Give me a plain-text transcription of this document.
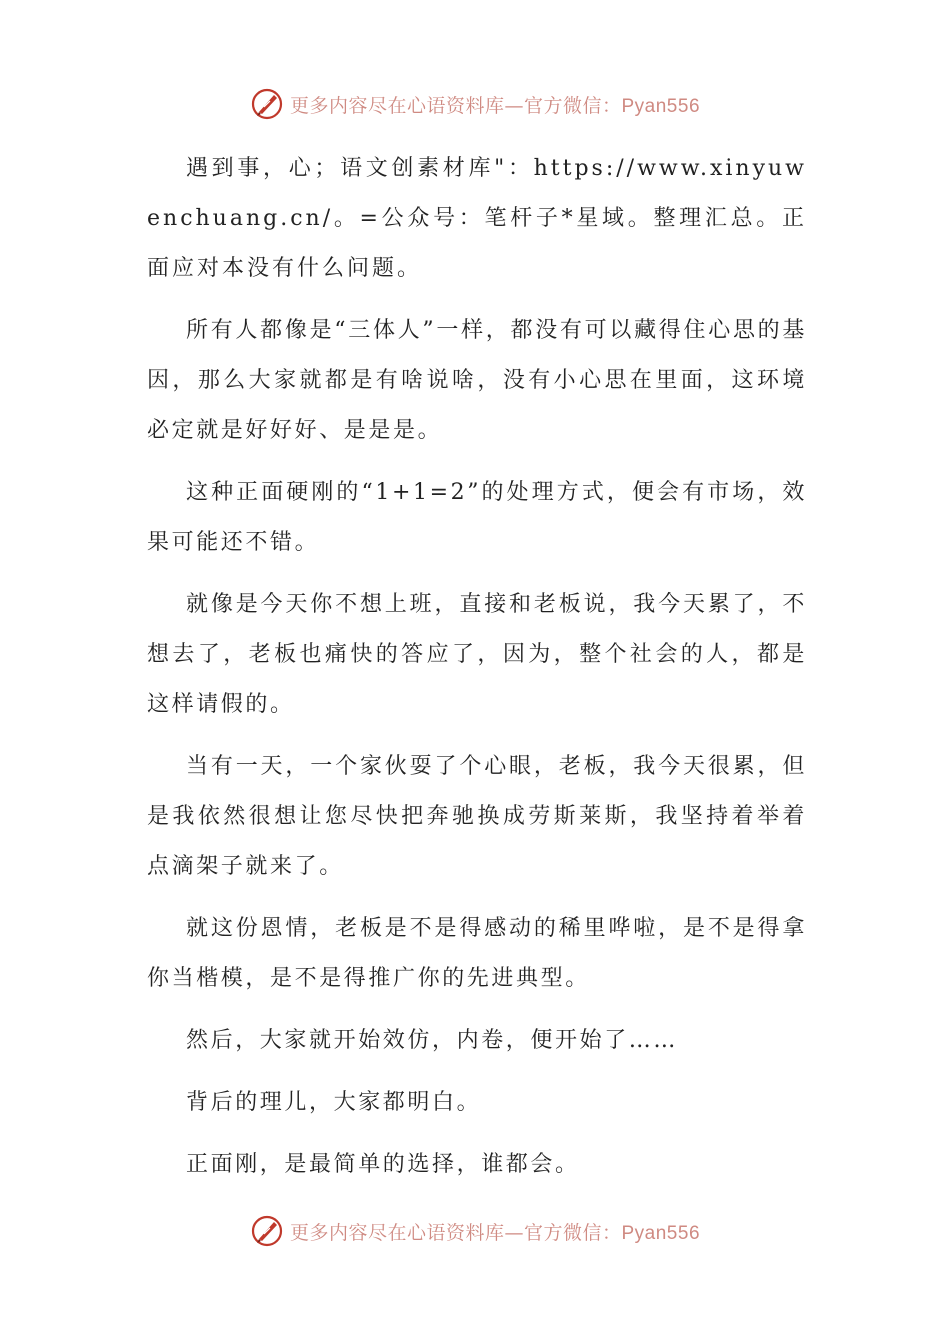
更多内容尽在心语资料库—官方微信：Pyan556

遇到事，心；语文创素材库"：https://www.xinyuwenchuang.cn/。=公众号：笔杆子*星域。整理汇总。正面应对本没有什么问题。

所有人都像是“三体人”一样，都没有可以藏得住心思的基因，那么大家就都是有啥说啥，没有小心思在里面，这环境必定就是好好好、是是是。

这种正面硬刚的“1+1=2”的处理方式，便会有市场，效果可能还不错。

就像是今天你不想上班，直接和老板说，我今天累了，不想去了，老板也痛快的答应了，因为，整个社会的人，都是这样请假的。

当有一天，一个家伙耍了个心眼，老板，我今天很累，但是我依然很想让您尽快把奔驰换成劳斯莱斯，我坚持着举着点滴架子就来了。

就这份恩情，老板是不是得感动的稀里哗啦，是不是得拿你当楷模，是不是得推广你的先进典型。

然后，大家就开始效仿，内卷，便开始了……

背后的理儿，大家都明白。

正面刚，是最简单的选择，谁都会。

更多内容尽在心语资料库—官方微信：Pyan556
